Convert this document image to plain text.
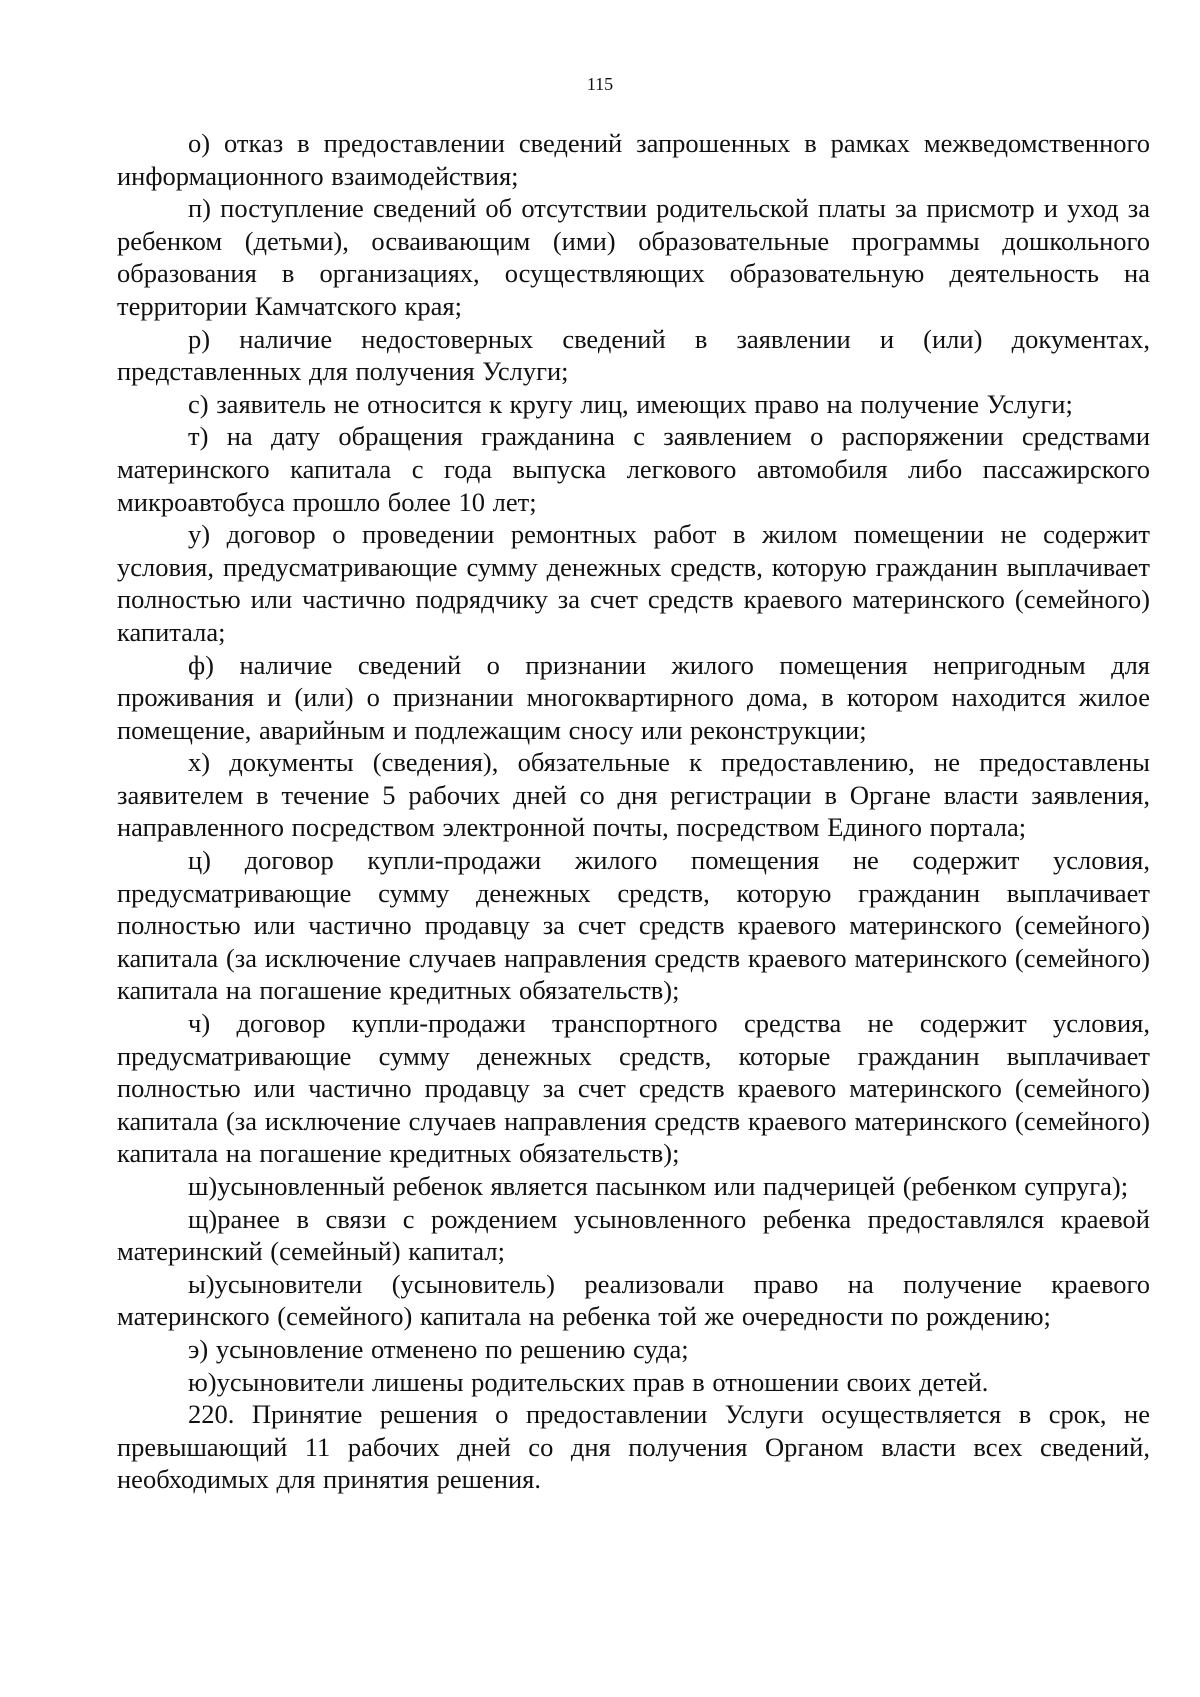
115

о) отказ в предоставлении сведений запрошенных в рамках межведомственного информационного взаимодействия;

п) поступление сведений об отсутствии родительской платы за присмотр и уход за ребенком (детьми), осваивающим (ими) образовательные программы дошкольного образования в организациях, осуществляющих образовательную деятельность на территории Камчатского края;

р) наличие недостоверных сведений в заявлении и (или) документах, представленных для получения Услуги;

с) заявитель не относится к кругу лиц, имеющих право на получение Услуги;

т) на дату обращения гражданина с заявлением о распоряжении средствами материнского капитала с года выпуска легкового автомобиля либо пассажирского микроавтобуса прошло более 10 лет;

у) договор о проведении ремонтных работ в жилом помещении не содержит условия, предусматривающие сумму денежных средств, которую гражданин выплачивает полностью или частично подрядчику за счет средств краевого материнского (семейного) капитала;

ф) наличие сведений о признании жилого помещения непригодным для проживания и (или) о признании многоквартирного дома, в котором находится жилое помещение, аварийным и подлежащим сносу или реконструкции;

х) документы (сведения), обязательные к предоставлению, не предоставлены заявителем в течение 5 рабочих дней со дня регистрации в Органе власти заявления, направленного посредством электронной почты, посредством Единого портала;

ц) договор купли-продажи жилого помещения не содержит условия, предусматривающие сумму денежных средств, которую гражданин выплачивает полностью или частично продавцу за счет средств краевого материнского (семейного) капитала (за исключение случаев направления средств краевого материнского (семейного) капитала на погашение кредитных обязательств);

ч) договор купли-продажи транспортного средства не содержит условия, предусматривающие сумму денежных средств, которые гражданин выплачивает полностью или частично продавцу за счет средств краевого материнского (семейного) капитала (за исключение случаев направления средств краевого материнского (семейного) капитала на погашение кредитных обязательств);

ш)усыновленный ребенок является пасынком или падчерицей (ребенком супруга);

щ)ранее в связи с рождением усыновленного ребенка предоставлялся краевой материнский (семейный) капитал;

ы)усыновители (усыновитель) реализовали право на получение краевого материнского (семейного) капитала на ребенка той же очередности по рождению;

э) усыновление отменено по решению суда;

ю)усыновители лишены родительских прав в отношении своих детей.

220. Принятие решения о предоставлении Услуги осуществляется в срок, не превышающий 11 рабочих дней со дня получения Органом власти всех сведений, необходимых для принятия решения.
